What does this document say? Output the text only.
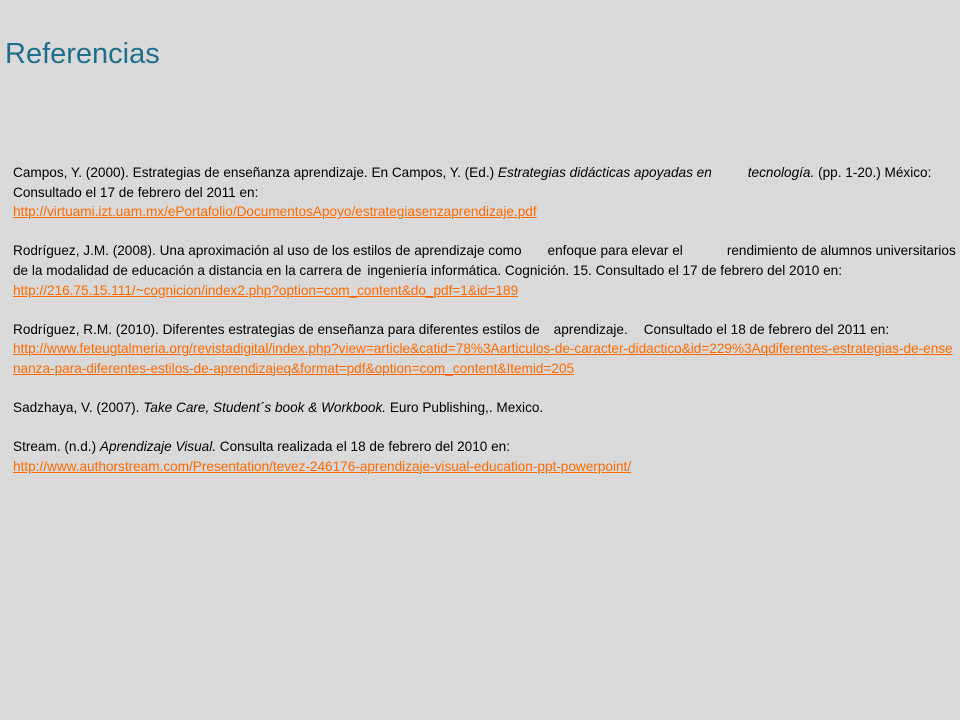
Referencias

Campos, Y. (2000). Estrategias de enseñanza aprendizaje. En Campos, Y. (Ed.) Estrategias didácticas apoyadas en	tecnología. (pp. 1-20.) México: Consultado el 17 de febrero del 2011 en:
http://virtuami.izt.uam.mx/ePortafolio/DocumentosApoyo/estrategiasenzaprendizaje.pdf

Rodríguez, J.M. (2008). Una aproximación al uso de los estilos de aprendizaje como enfoque para elevar el	rendimiento de alumnos universitarios de la modalidad de educación a distancia en la carrera de ingeniería informática. Cognición. 15. Consultado el 17 de febrero del 2010 en:
http://216.75.15.111/~cognicion/index2.php?option=com_content&do_pdf=1&id=189

Rodríguez, R.M. (2010). Diferentes estrategias de enseñanza para diferentes estilos de aprendizaje. Consultado el 18 de febrero del 2011 en:
http://www.feteugtalmeria.org/revistadigital/index.php?view=article&catid=78%3Aarticulos-de-caracter-didactico&id=229%3Aqdiferentes-estrategias-de-ensenanza-para-diferentes-estilos-de-aprendizajeq&format=pdf&option=com_content&Itemid=205

Sadzhaya, V. (2007). Take Care, Student´s book & Workbook. Euro Publishing,. Mexico.

Stream. (n.d.) Aprendizaje Visual. Consulta realizada el 18 de febrero del 2010 en:
http://www.authorstream.com/Presentation/tevez-246176-aprendizaje-visual-education-ppt-powerpoint/
